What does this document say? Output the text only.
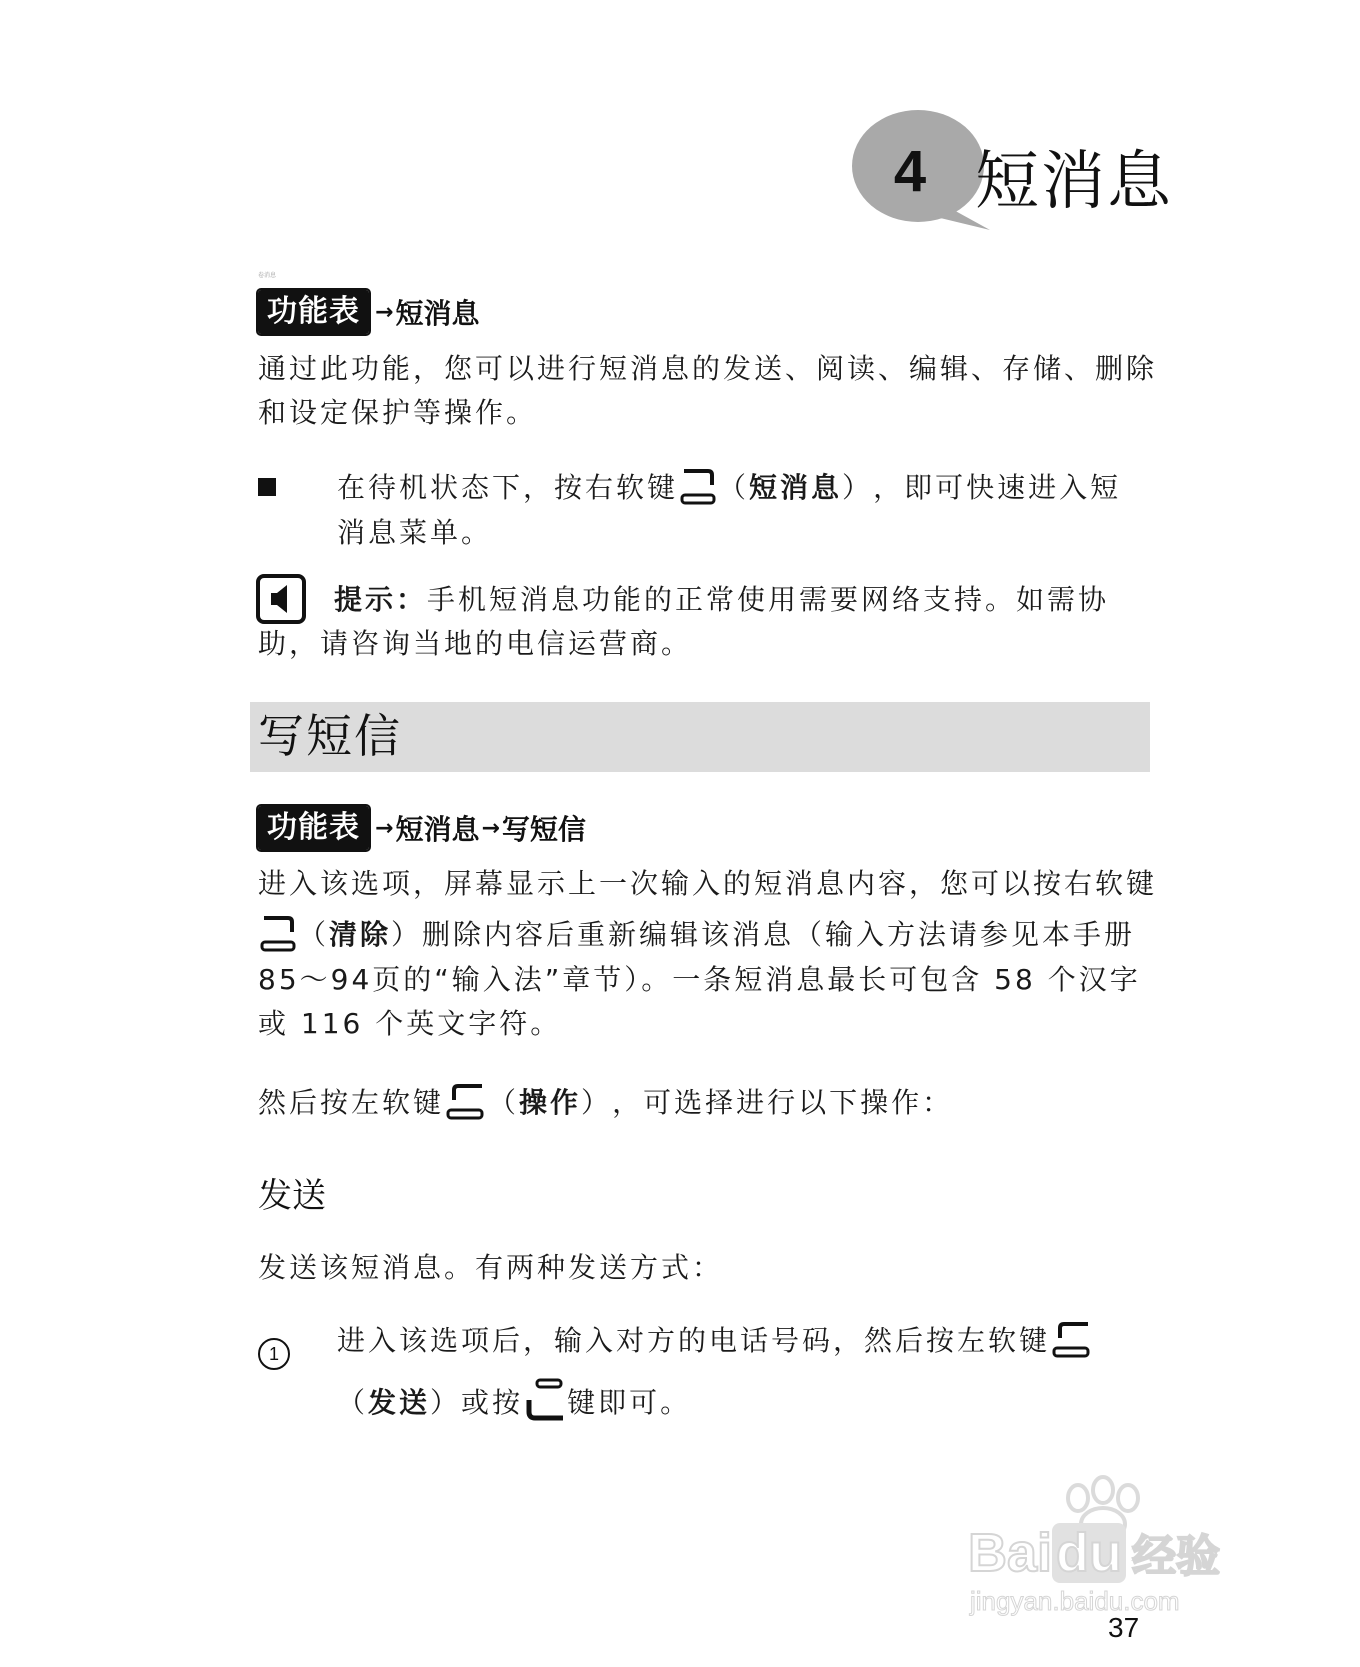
4 短消息
卷消息
功能表 → 短消息
通过此功能，您可以进行短消息的发送、阅读、编辑、存储、删除
和设定保护等操作。
在待机状态下，按右软键 （ 短消息 ） ，即可快速进入短
消息菜单。
提示：手机短消息功能的正常使用需要网络支持。如需协
助，请咨询当地的电信运营商。
写短信
功能表 → 短消息 → 写短信
进入该选项，屏幕显示上一次输入的短消息内容，您可以按右软键
（ 清除 ） 删除内容后重新编辑该消息（输入方法请参见本手册
85～94页的“输入法”章节）。一条短消息最长可包含 58 个汉字
或 116 个英文字符。
然后按左软键 （ 操作 ） ，可选择进行以下操作：
发送
发送该短消息。有两种发送方式：
1	进入该选项后，输入对方的电话号码，然后按左软键
（ 发送 ） 或按 键即可。
Baidu 经验
jingyan.baidu.com
37
